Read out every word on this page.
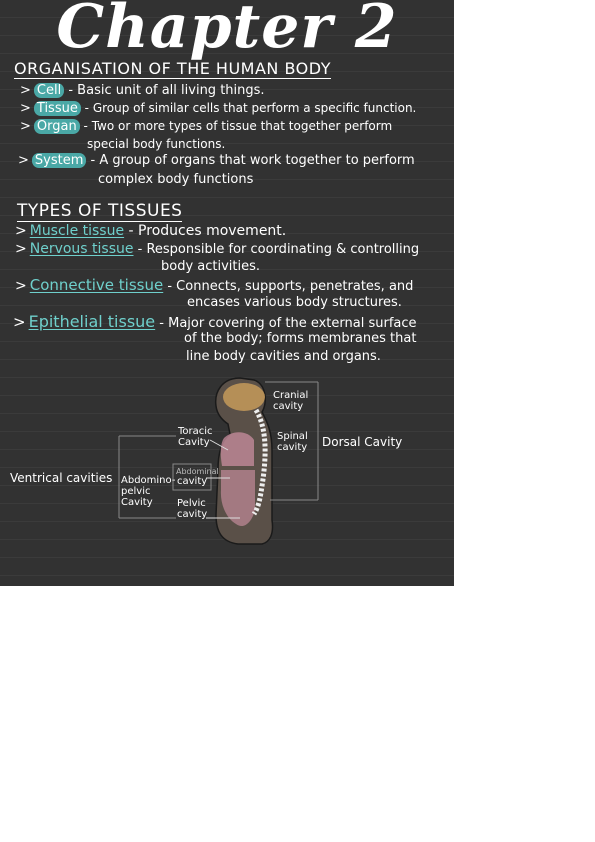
Chapter 2
ORGANISATION OF THE HUMAN BODY
> Cell - Basic unit of all living things.
> Tissue - Group of similar cells that perform a specific function.
> Organ - Two or more types of tissue that together perform
special body functions.
> System - A group of organs that work together to perform
complex body functions
TYPES OF TISSUES
> Muscle tissue - Produces movement.
> Nervous tissue - Responsible for coordinating & controlling
body activities.
> Connective tissue - Connects, supports, penetrates, and
encases various body structures.
> Epithelial tissue - Major covering of the external surface
of the body; forms membranes that
line body cavities and organs.
Cranial cavity
Spinal cavity	Dorsal Cavity
Toracic Cavity
Abdominal
cavity
Abdomino- pelvic Cavity	Pelvic cavity
Ventrical cavities
